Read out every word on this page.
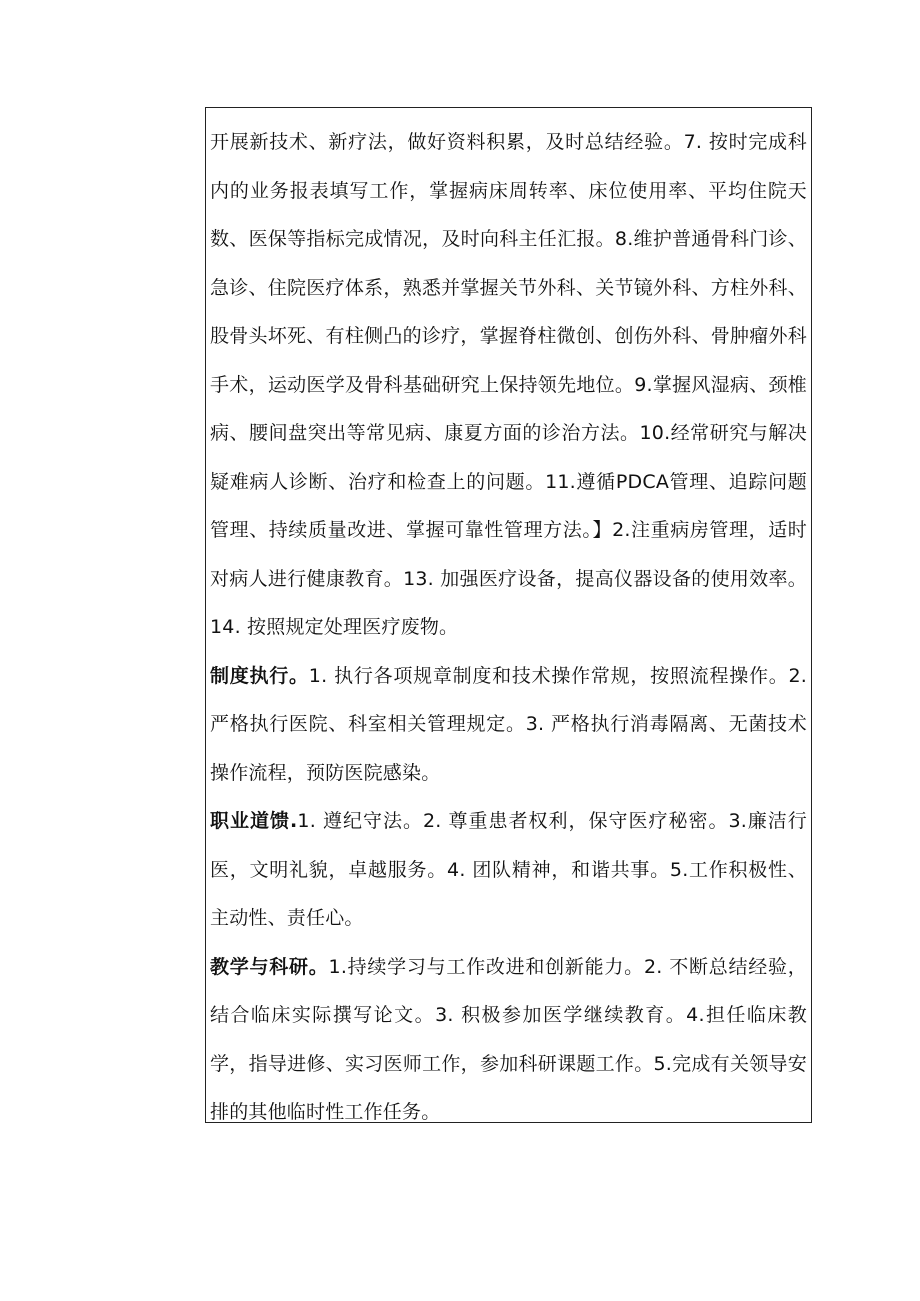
开展新技术、新疗法，做好资料积累，及时总结经验。7. 按时完成科内的业务报表填写工作，掌握病床周转率、床位使用率、平均住院天数、医保等指标完成情况，及时向科主任汇报。8.维护普通骨科门诊、急诊、住院医疗体系，熟悉并掌握关节外科、关节镜外科、方柱外科、股骨头坏死、有柱侧凸的诊疗，掌握脊柱微创、创伤外科、骨肿瘤外科手术，运动医学及骨科基础研究上保持领先地位。9.掌握风湿病、颈椎病、腰间盘突出等常见病、康夏方面的诊治方法。10.经常研究与解决疑难病人诊断、治疗和检查上的问题。11.遵循PDCA管理、追踪问题管理、持续质量改进、掌握可靠性管理方法。】2.注重病房管理，适时对病人进行健康教育。13. 加强医疗设备，提高仪器设备的使用效率。14. 按照规定处理医疗废物。

制度执行。1. 执行各项规章制度和技术操作常规，按照流程操作。2. 严格执行医院、科室相关管理规定。3. 严格执行消毒隔离、无菌技术操作流程，预防医院感染。

职业道馈.1. 遵纪守法。2. 尊重患者权利，保守医疗秘密。3.廉洁行医，文明礼貌，卓越服务。4. 团队精神，和谐共事。5.工作积极性、主动性、责任心。

教学与科研。1.持续学习与工作改进和创新能力。2. 不断总结经验，结合临床实际撰写论文。3. 积极参加医学继续教育。4.担任临床教学，指导进修、实习医师工作，参加科研课题工作。5.完成有关领导安排的其他临时性工作任务。
